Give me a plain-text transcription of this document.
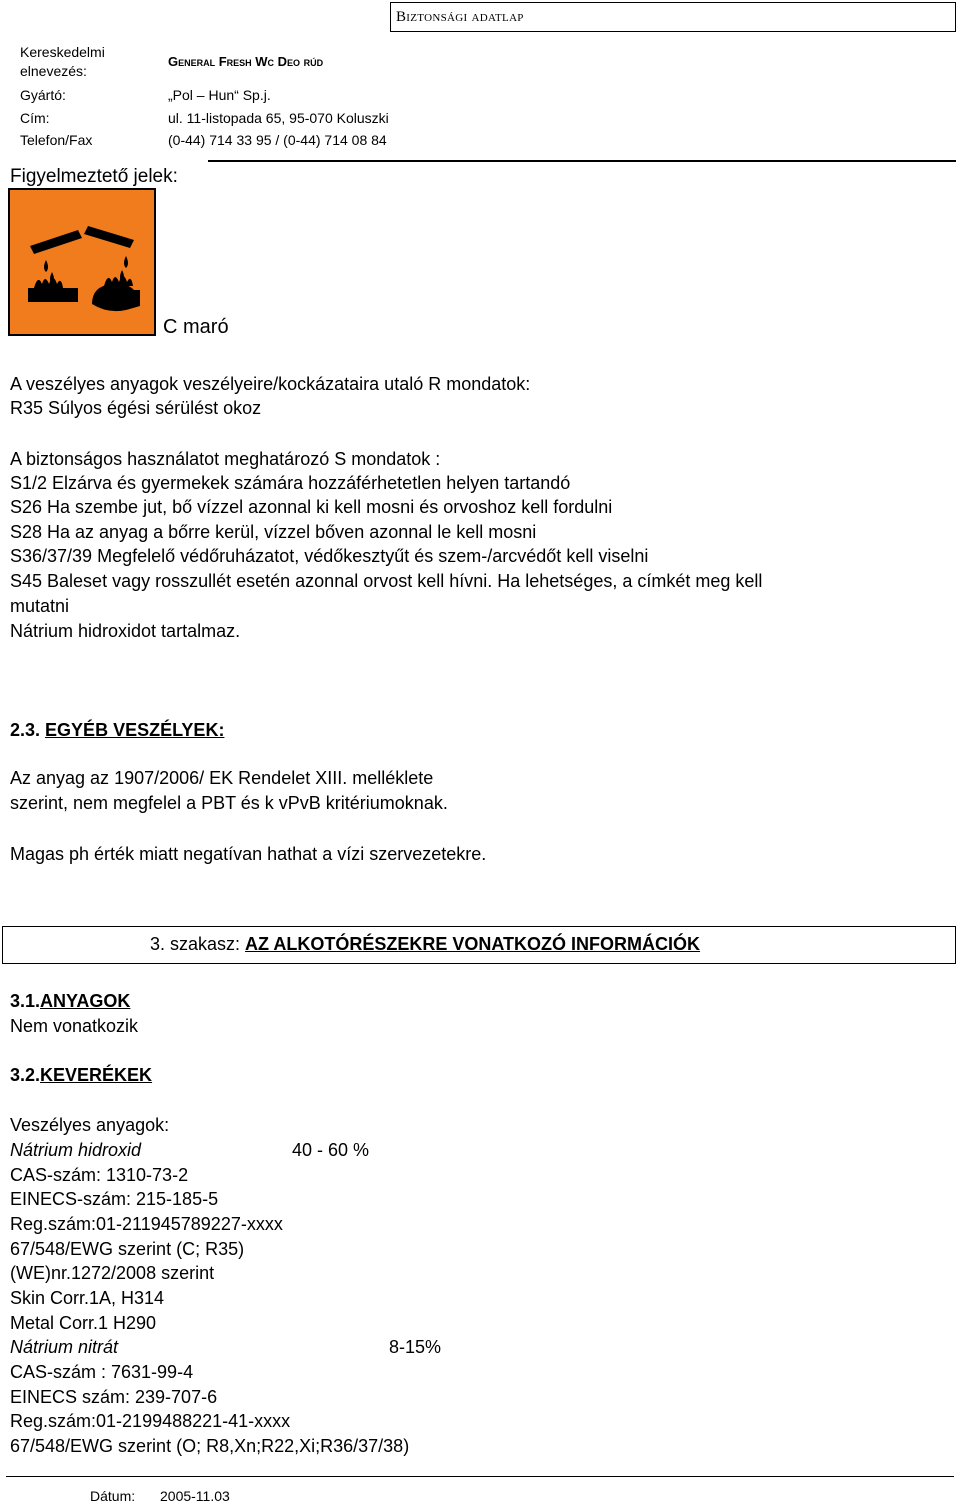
Biztonsági adatlap
Kereskedelmi
elnevezés:
General Fresh Wc Deo rúd
Gyártó:	„Pol – Hun“ Sp.j.
Cím:	ul. 11-listopada 65, 95-070 Koluszki
Telefon/Fax	(0-44) 714 33 95 / (0-44) 714 08 84
Figyelmeztető jelek:
C maró
A veszélyes anyagok veszélyeire/kockázataira utaló R mondatok:
R35 Súlyos égési sérülést okoz
A biztonságos használatot meghatározó S mondatok :
S1/2 Elzárva és gyermekek számára hozzáférhetetlen helyen tartandó
S26 Ha szembe jut, bő vízzel azonnal ki kell mosni és orvoshoz kell fordulni
S28 Ha az anyag a bőrre kerül, vízzel bőven azonnal le kell mosni
S36/37/39 Megfelelő védőruházatot, védőkesztyűt és szem-/arcvédőt kell viselni
S45 Baleset vagy rosszullét esetén azonnal orvost kell hívni. Ha lehetséges, a címkét meg kell
mutatni
Nátrium hidroxidot tartalmaz.
2.3. EGYÉB VESZÉLYEK:
Az anyag az 1907/2006/ EK Rendelet XIII. melléklete
szerint, nem megfelel a PBT és k vPvB kritériumoknak.
Magas ph érték miatt negatívan hathat a vízi szervezetekre.
3. szakasz: AZ ALKOTÓRÉSZEKRE VONATKOZÓ INFORMÁCIÓK
3.1.ANYAGOK
Nem vonatkozik
3.2.KEVERÉKEK
Veszélyes anyagok:
Nátrium hidroxid	40 - 60 %
CAS-szám: 1310-73-2
EINECS-szám: 215-185-5
Reg.szám:01-211945789227-xxxx
67/548/EWG szerint (C; R35)
(WE)nr.1272/2008 szerint
Skin Corr.1A, H314
Metal Corr.1 H290
Nátrium nitrát	8-15%
CAS-szám : 7631-99-4
EINECS szám: 239-707-6
Reg.szám:01-2199488221-41-xxxx
67/548/EWG szerint (O; R8,Xn;R22,Xi;R36/37/38)
Dátum: 2005-11.03
